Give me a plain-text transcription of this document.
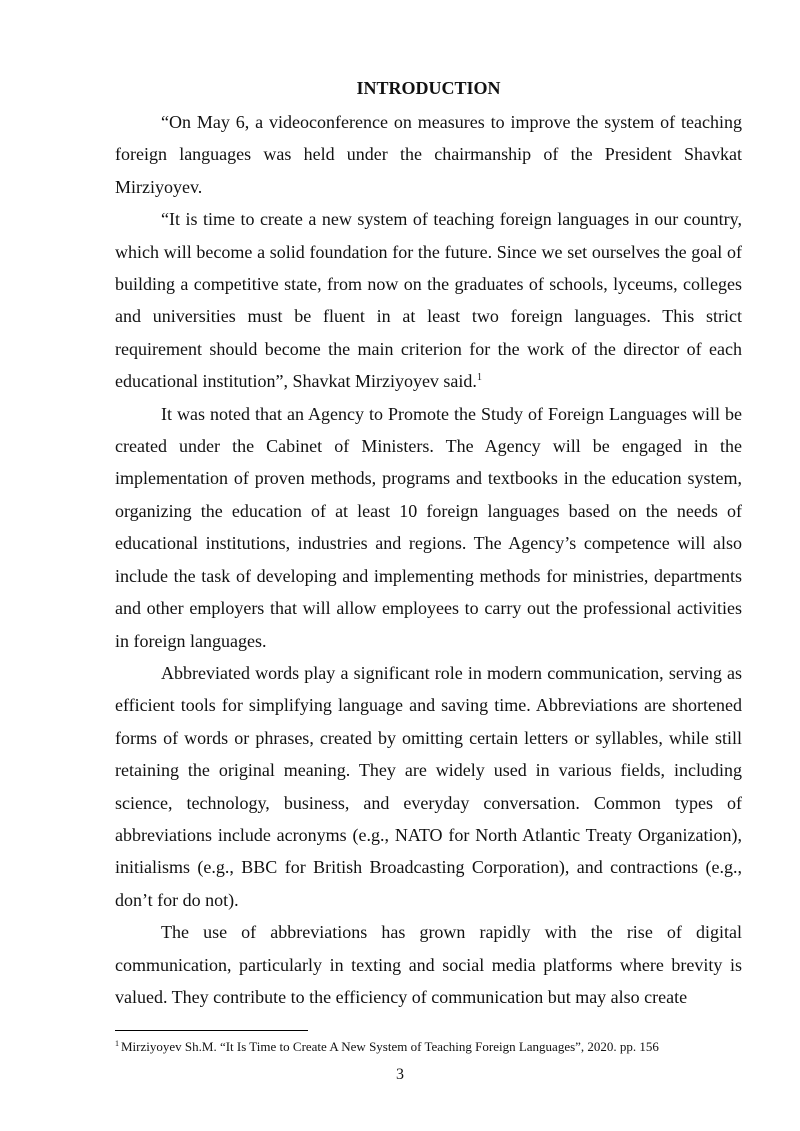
INTRODUCTION

“On May 6, a videoconference on measures to improve the system of teaching foreign languages was held under the chairmanship of the President Shavkat Mirziyoyev.

“It is time to create a new system of teaching foreign languages in our country, which will become a solid foundation for the future. Since we set ourselves the goal of building a competitive state, from now on the graduates of schools, lyceums, colleges and universities must be fluent in at least two foreign languages. This strict requirement should become the main criterion for the work of the director of each educational institution”, Shavkat Mirziyoyev said.$^1$

It was noted that an Agency to Promote the Study of Foreign Languages will be created under the Cabinet of Ministers. The Agency will be engaged in the implementation of proven methods, programs and textbooks in the education system, organizing the education of at least 10 foreign languages based on the needs of educational institutions, industries and regions. The Agency’s competence will also include the task of developing and implementing methods for ministries, departments and other employers that will allow employees to carry out the professional activities in foreign languages.

Abbreviated words play a significant role in modern communication, serving as efficient tools for simplifying language and saving time. Abbreviations are shortened forms of words or phrases, created by omitting certain letters or syllables, while still retaining the original meaning. They are widely used in various fields, including science, technology, business, and everyday conversation. Common types of abbreviations include acronyms (e.g., NATO for North Atlantic Treaty Organization), initialisms (e.g., BBC for British Broadcasting Corporation), and contractions (e.g., don’t for do not).

The use of abbreviations has grown rapidly with the rise of digital communication, particularly in texting and social media platforms where brevity is valued. They contribute to the efficiency of communication but may also create

$^1$ Mirziyoyev Sh.M. “It Is Time to Create A New System of Teaching Foreign Languages”, 2020. pp. 156
3
